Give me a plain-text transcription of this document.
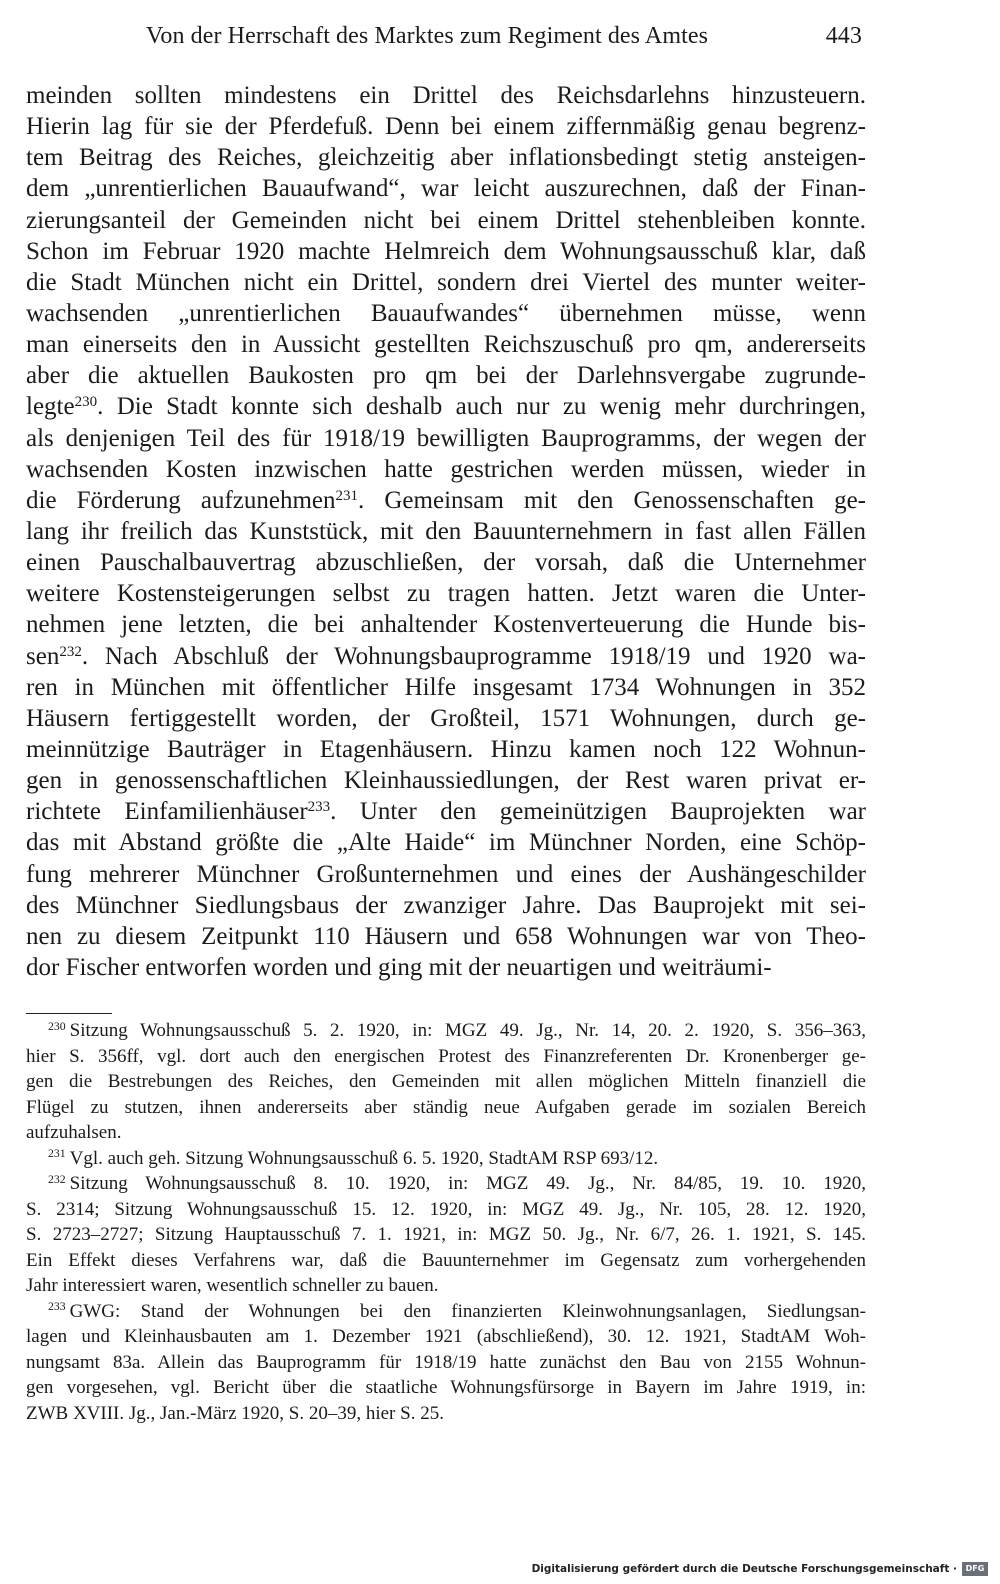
Von der Herrschaft des Marktes zum Regiment des Amtes	443
meinden sollten mindestens ein Drittel des Reichsdarlehns hinzusteuern.
Hierin lag für sie der Pferdefuß. Denn bei einem ziffernmäßig genau begrenz-
tem Beitrag des Reiches, gleichzeitig aber inflationsbedingt stetig ansteigen-
dem „unrentierlichen Bauaufwand“, war leicht auszurechnen, daß der Finan-
zierungsanteil der Gemeinden nicht bei einem Drittel stehenbleiben konnte.
Schon im Februar 1920 machte Helmreich dem Wohnungsausschuß klar, daß
die Stadt München nicht ein Drittel, sondern drei Viertel des munter weiter-
wachsenden „unrentierlichen Bauaufwandes“ übernehmen müsse, wenn
man einerseits den in Aussicht gestellten Reichszuschuß pro qm, andererseits
aber die aktuellen Baukosten pro qm bei der Darlehnsvergabe zugrunde-
legte$^{230}$. Die Stadt konnte sich deshalb auch nur zu wenig mehr durchringen,
als denjenigen Teil des für 1918/19 bewilligten Bauprogramms, der wegen der
wachsenden Kosten inzwischen hatte gestrichen werden müssen, wieder in
die Förderung aufzunehmen$^{231}$. Gemeinsam mit den Genossenschaften ge-
lang ihr freilich das Kunststück, mit den Bauunternehmern in fast allen Fällen
einen Pauschalbauvertrag abzuschließen, der vorsah, daß die Unternehmer
weitere Kostensteigerungen selbst zu tragen hatten. Jetzt waren die Unter-
nehmen jene letzten, die bei anhaltender Kostenverteuerung die Hunde bis-
sen$^{232}$. Nach Abschluß der Wohnungsbauprogramme 1918/19 und 1920 wa-
ren in München mit öffentlicher Hilfe insgesamt 1734 Wohnungen in 352
Häusern fertiggestellt worden, der Großteil, 1571 Wohnungen, durch ge-
meinnützige Bauträger in Etagenhäusern. Hinzu kamen noch 122 Wohnun-
gen in genossenschaftlichen Kleinhaussiedlungen, der Rest waren privat er-
richtete Einfamilienhäuser$^{233}$. Unter den gemeinützigen Bauprojekten war
das mit Abstand größte die „Alte Haide“ im Münchner Norden, eine Schöp-
fung mehrerer Münchner Großunternehmen und eines der Aushängeschilder
des Münchner Siedlungsbaus der zwanziger Jahre. Das Bauprojekt mit sei-
nen zu diesem Zeitpunkt 110 Häusern und 658 Wohnungen war von Theo-
dor Fischer entworfen worden und ging mit der neuartigen und weiträumi-
$^{230}$ Sitzung Wohnungsausschuß 5. 2. 1920, in: MGZ 49. Jg., Nr. 14, 20. 2. 1920, S. 356–363,
hier S. 356ff, vgl. dort auch den energischen Protest des Finanzreferenten Dr. Kronenberger ge-
gen die Bestrebungen des Reiches, den Gemeinden mit allen möglichen Mitteln finanziell die
Flügel zu stutzen, ihnen andererseits aber ständig neue Aufgaben gerade im sozialen Bereich
aufzuhalsen.
$^{231}$ Vgl. auch geh. Sitzung Wohnungsausschuß 6. 5. 1920, StadtAM RSP 693/12.
$^{232}$ Sitzung Wohnungsausschuß 8. 10. 1920, in: MGZ 49. Jg., Nr. 84/85, 19. 10. 1920,
S. 2314; Sitzung Wohnungsausschuß 15. 12. 1920, in: MGZ 49. Jg., Nr. 105, 28. 12. 1920,
S. 2723–2727; Sitzung Hauptausschuß 7. 1. 1921, in: MGZ 50. Jg., Nr. 6/7, 26. 1. 1921, S. 145.
Ein Effekt dieses Verfahrens war, daß die Bauunternehmer im Gegensatz zum vorhergehenden
Jahr interessiert waren, wesentlich schneller zu bauen.
$^{233}$ GWG: Stand der Wohnungen bei den finanzierten Kleinwohnungsanlagen, Siedlungsan-
lagen und Kleinhausbauten am 1. Dezember 1921 (abschließend), 30. 12. 1921, StadtAM Woh-
nungsamt 83a. Allein das Bauprogramm für 1918/19 hatte zunächst den Bau von 2155 Wohnun-
gen vorgesehen, vgl. Bericht über die staatliche Wohnungsfürsorge in Bayern im Jahre 1919, in:
ZWB XVIII. Jg., Jan.-März 1920, S. 20–39, hier S. 25.
Digitalisierung gefördert durch die Deutsche Forschungsgemeinschaft ·	DFG
